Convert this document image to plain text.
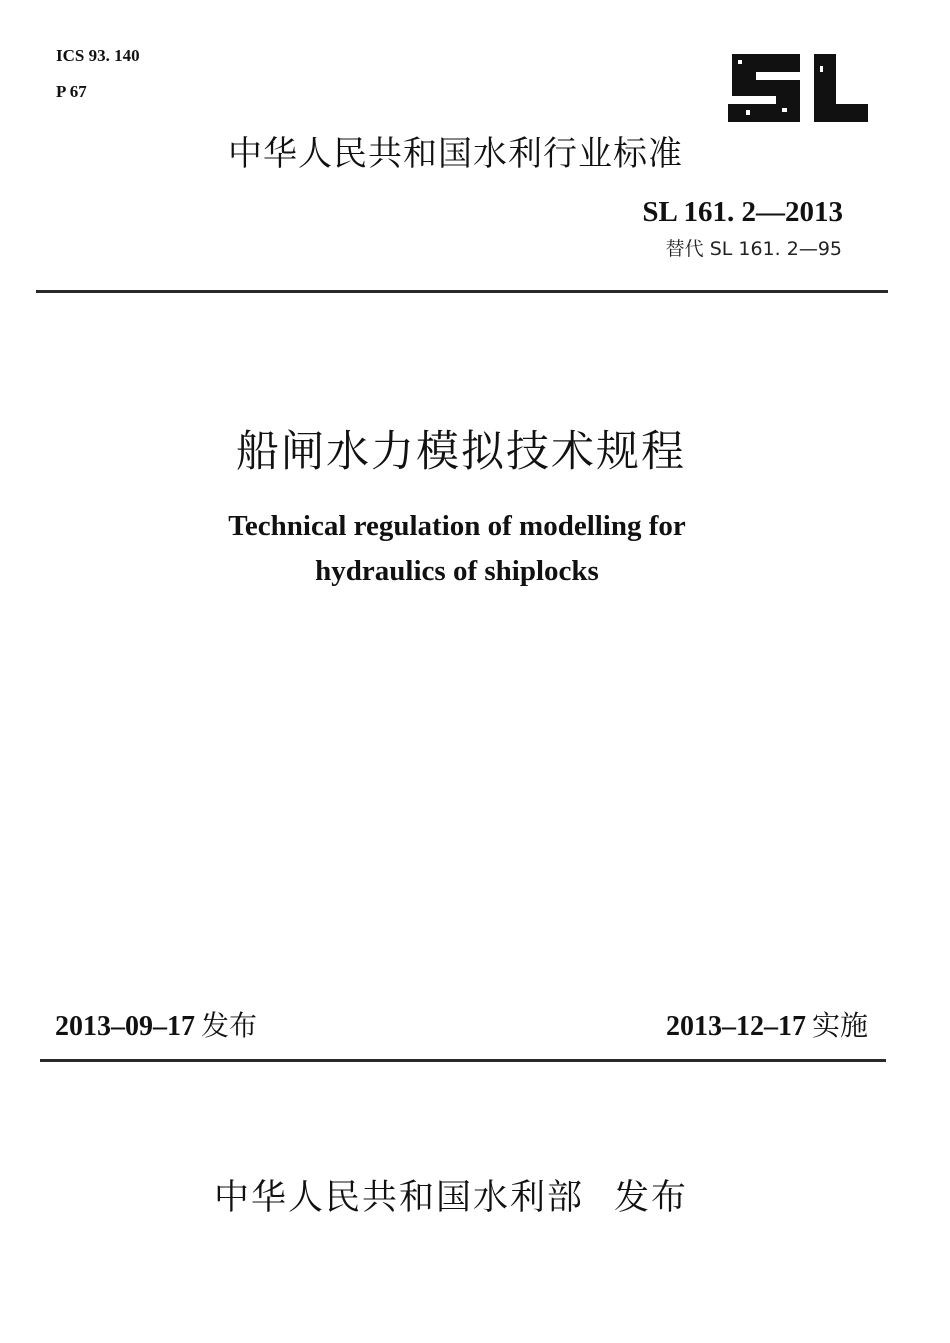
ICS 93. 140
P 67
中华人民共和国水利行业标准
SL 161. 2—2013
替代 SL 161. 2—95
船闸水力模拟技术规程
Technical regulation of modelling for
hydraulics of shiplocks
2013–09–17 发布	2013–12–17 实施
中华人民共和国水利部 发布
